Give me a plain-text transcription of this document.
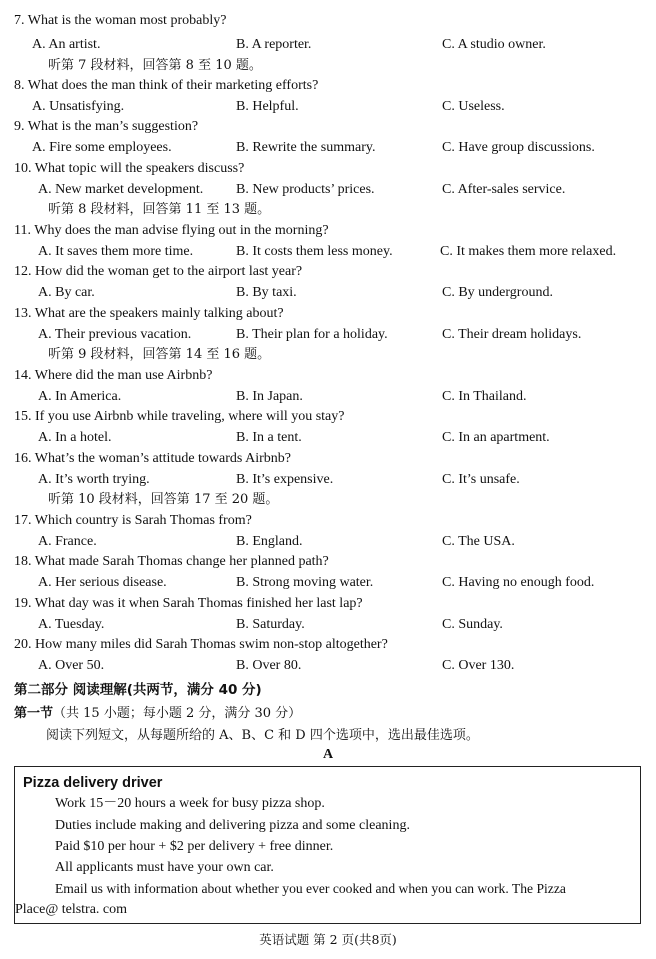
7. What is the woman most probably?
A. An artist.	B. A reporter.	C. A studio owner.
听第 7 段材料，回答第 8 至 10 题。
8. What does the man think of their marketing efforts?
A. Unsatisfying.	B. Helpful.	C. Useless.
9. What is the man’s suggestion?
A. Fire some employees.	B. Rewrite the summary.	C. Have group discussions.
10. What topic will the speakers discuss?
A. New market development. B. New products’ prices.	C. After-sales service.
听第 8 段材料，回答第 11 至 13 题。
11. Why does the man advise flying out in the morning?
A. It saves them more time.	B. It costs them less money.	C. It makes them more relaxed.
12. How did the woman get to the airport last year?
A. By car.	B. By taxi.	C. By underground.
13. What are the speakers mainly talking about?
A. Their previous vacation.	B. Their plan for a holiday.	C. Their dream holidays.
听第 9 段材料，回答第 14 至 16 题。
14. Where did the man use Airbnb?
A. In America.	B. In Japan.	C. In Thailand.
15. If you use Airbnb while traveling, where will you stay?
A. In a hotel.	B. In a tent.	C. In an apartment.
16. What’s the woman’s attitude towards Airbnb?
A. It’s worth trying.	B. It’s expensive.	C. It’s unsafe.
听第 10 段材料，回答第 17 至 20 题。
17. Which country is Sarah Thomas from?
A. France.	B. England.	C. The USA.
18. What made Sarah Thomas change her planned path?
A. Her serious disease.	B. Strong moving water.	C. Having no enough food.
19. What day was it when Sarah Thomas finished her last lap?
A. Tuesday.	B. Saturday.	C. Sunday.
20. How many miles did Sarah Thomas swim non-stop altogether?
A. Over 50.	B. Over 80.	C. Over 130.
第二部分 阅读理解(共两节，满分 40 分)
第一节（共 15 小题；每小题 2 分，满分 30 分）
阅读下列短文，从每题所给的 A、B、C 和 D 四个选项中，选出最佳选项。
A
Pizza delivery driver
Work 15－20 hours a week for busy pizza shop.
Duties include making and delivering pizza and some cleaning.
Paid $10 per hour + $2 per delivery + free dinner.
All applicants must have your own car.
Email us with information about whether you ever cooked and when you can work. The Pizza
Place@ telstra. com
英语试题 第 2 页(共8页)
